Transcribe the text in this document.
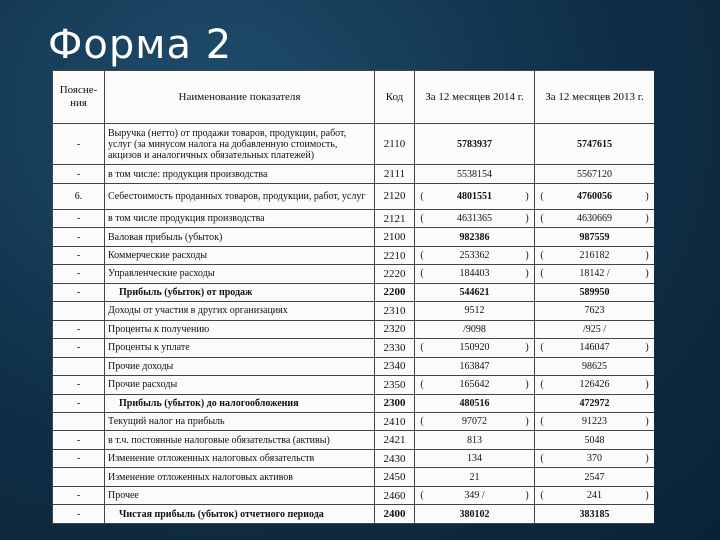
Форма 2
Поясне-ния	Наименование показателя	Код	За 12 месяцев 2014 г.	За 12 месяцев 2013 г.
-	Выручка (нетто) от продажи товаров, продукции, работ, услуг (за минусом налога на добавленную стоимость, акцизов и аналогичных обязательных платежей)	2110	5783937	5747615

-	в том числе: продукция производства	2111	5538154	5567120

6.	Себестоимость проданных товаров, продукции, работ, услуг	2120	( 4801551 )	( 4760056 )

-	в том числе продукция производства	2121	( 4631365 )	( 4630669 )

-	Валовая прибыль (убыток)	2100	982386	987559

-	Коммерческие расходы	2210	( 253362 )	( 216182 )

-	Управленческие расходы	2220	( 184403 )	( 18142 / )

-	Прибыль (убыток) от продаж	2200	544621	589950

	Доходы от участия в других организациях	2310	9512	7623

-	Проценты к получению	2320	/9098	/925 /

-	Проценты к уплате	2330	( 150920 )	( 146047 )

	Прочие доходы	2340	163847	98625

-	Прочие расходы	2350	( 165642 )	( 126426 )

-	Прибыль (убыток) до налогообложения	2300	480516	472972

	Текущий налог на прибыль	2410	( 97072 )	( 91223 )

-	в т.ч. постоянные налоговые обязательства (активы)	2421	813	5048

-	Изменение отложенных налоговых обязательств	2430	134	( 370 )

	Изменение отложенных налоговых активов	2450	21	2547

-	Прочее	2460	( 349 / )	( 241 )

-	Чистая прибыль (убыток) отчетного периода	2400	380102	383185
